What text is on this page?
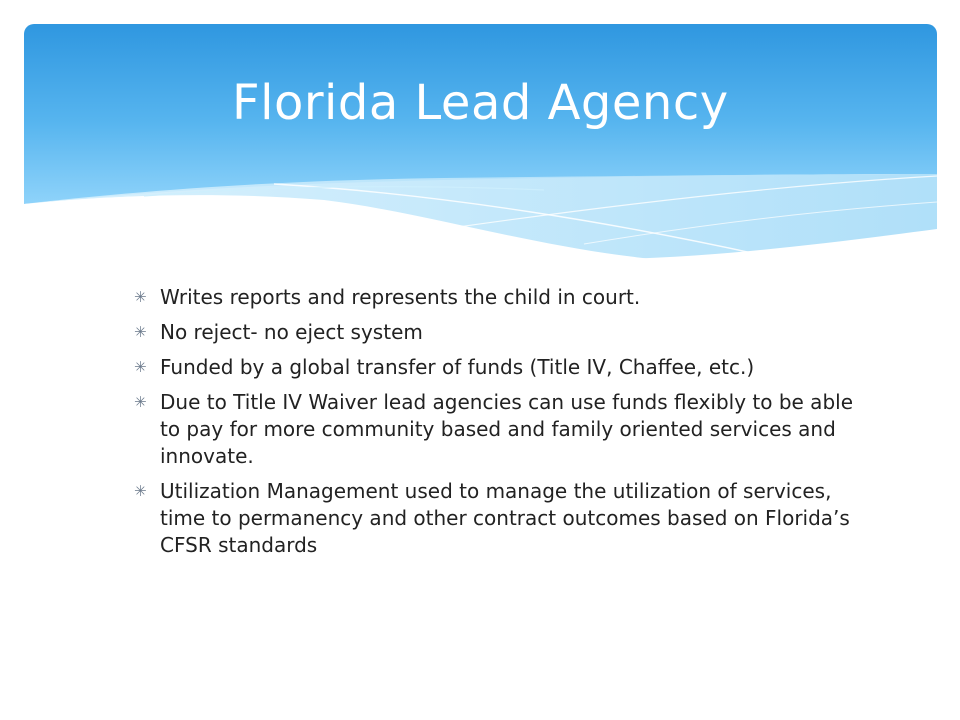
Florida Lead Agency
✳ Writes reports and represents the child in court.
✳ No reject- no eject system
✳ Funded by a global transfer of funds (Title IV, Chaffee, etc.)
✳ Due to Title IV Waiver lead agencies can use funds flexibly to be able to pay for more community based and family oriented services and innovate.
✳ Utilization Management used to manage the utilization of services, time to permanency and other contract outcomes based on Florida’s CFSR standards
